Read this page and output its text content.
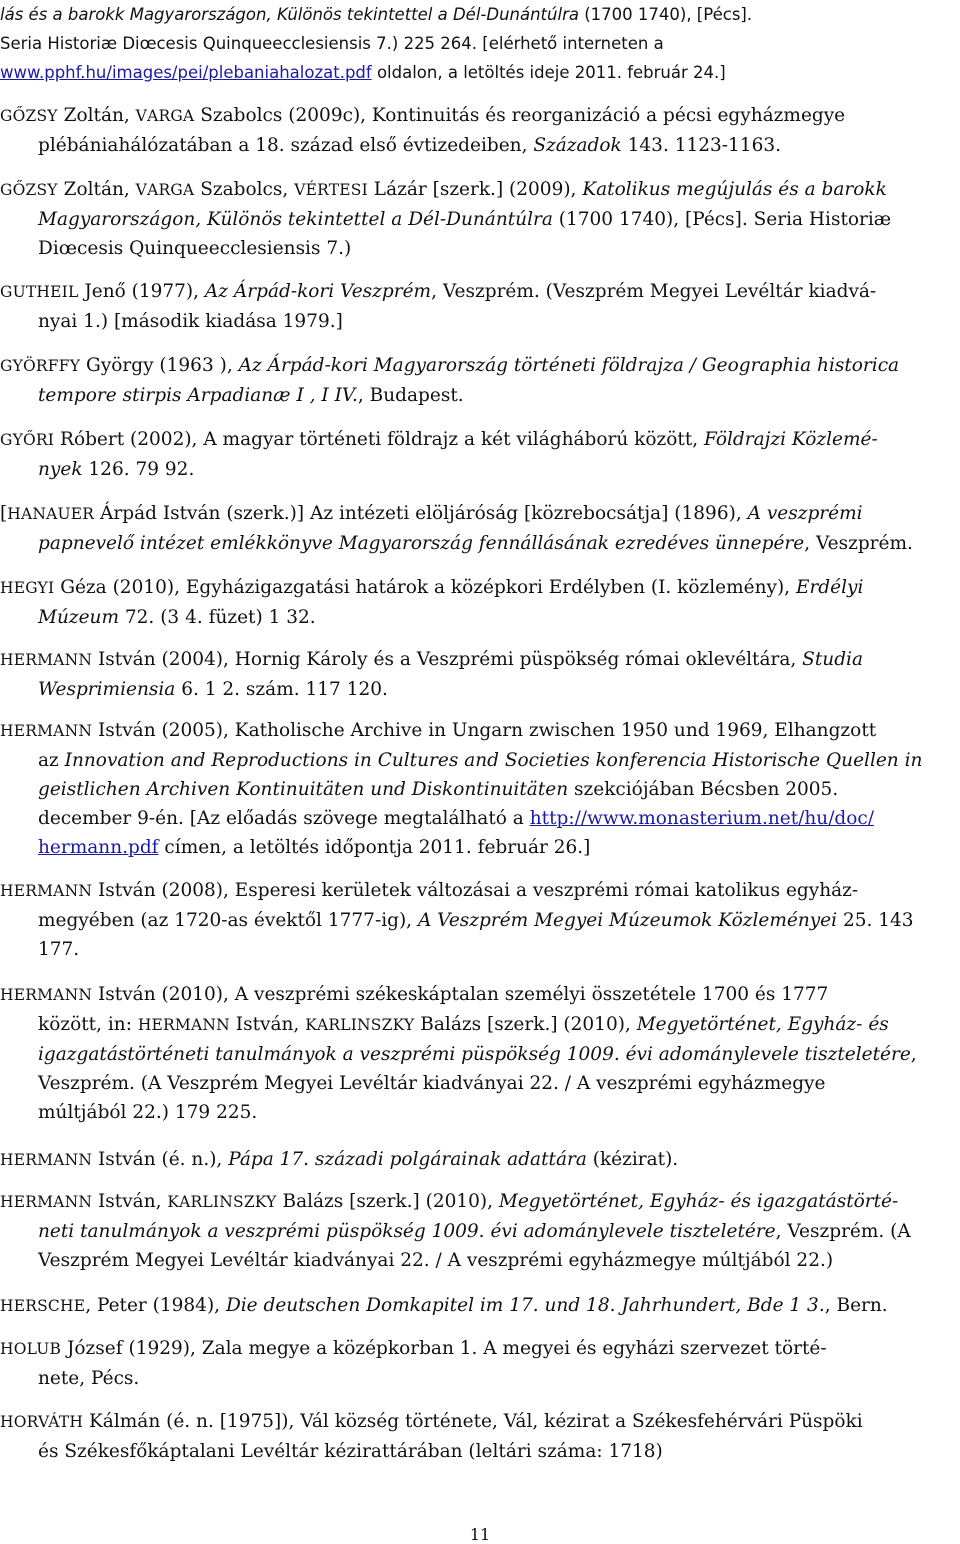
lás és a barokk Magyarországon, Különös tekintettel a Dél-Dunántúlra (1700 1740), [Pécs].
Seria Historiæ Diœcesis Quinqueecclesiensis 7.) 225 264. [elérhető interneten a
www.pphf.hu/images/pei/plebaniahalozat.pdf oldalon, a letöltés ideje 2011. február 24.]
GŐZSY Zoltán, VARGA Szabolcs (2009c), Kontinuitás és reorganizáció a pécsi egyházmegye
plébániahálózatában a 18. század első évtizedeiben, Századok 143. 1123-1163.
GŐZSY Zoltán, VARGA Szabolcs, VÉRTESI Lázár [szerk.] (2009), Katolikus megújulás és a barokk
Magyarországon, Különös tekintettel a Dél-Dunántúlra (1700 1740), [Pécs]. Seria Historiæ
Diœcesis Quinqueecclesiensis 7.)
GUTHEIL Jenő (1977), Az Árpád-kori Veszprém, Veszprém. (Veszprém Megyei Levéltár kiadvá-
nyai 1.) [második kiadása 1979.]
GYÖRFFY György (1963 ), Az Árpád-kori Magyarország történeti földrajza / Geographia historica
tempore stirpis Arpadianæ I , I IV., Budapest.
GYŐRI Róbert (2002), A magyar történeti földrajz a két világháború között, Földrajzi Közlemé-
nyek 126. 79 92.
[HANAUER Árpád István (szerk.)] Az intézeti elöljáróság [közrebocsátja] (1896), A veszprémi
papnevelő intézet emlékkönyve Magyarország fennállásának ezredéves ünnepére, Veszprém.
HEGYI Géza (2010), Egyházigazgatási határok a középkori Erdélyben (I. közlemény), Erdélyi
Múzeum 72. (3 4. füzet) 1 32.
HERMANN István (2004), Hornig Károly és a Veszprémi püspökség római oklevéltára, Studia
Wesprimiensia 6. 1 2. szám. 117 120.
HERMANN István (2005), Katholische Archive in Ungarn zwischen 1950 und 1969, Elhangzott
az Innovation and Reproductions in Cultures and Societies konferencia Historische Quellen in
geistlichen Archiven Kontinuitäten und Diskontinuitäten szekciójában Bécsben 2005.
december 9-én. [Az előadás szövege megtalálható a http://www.monasterium.net/hu/doc/
hermann.pdf címen, a letöltés időpontja 2011. február 26.]
HERMANN István (2008), Esperesi kerületek változásai a veszprémi római katolikus egyház-
megyében (az 1720-as évektől 1777-ig), A Veszprém Megyei Múzeumok Közleményei 25. 143
177.
HERMANN István (2010), A veszprémi székeskáptalan személyi összetétele 1700 és 1777
között, in: HERMANN István, KARLINSZKY Balázs [szerk.] (2010), Megyetörténet, Egyház- és
igazgatástörténeti tanulmányok a veszprémi püspökség 1009. évi adománylevele tiszteletére,
Veszprém. (A Veszprém Megyei Levéltár kiadványai 22. / A veszprémi egyházmegye
múltjából 22.) 179 225.
HERMANN István (é. n.), Pápa 17. századi polgárainak adattára (kézirat).
HERMANN István, KARLINSZKY Balázs [szerk.] (2010), Megyetörténet, Egyház- és igazgatástörté-
neti tanulmányok a veszprémi püspökség 1009. évi adománylevele tiszteletére, Veszprém. (A
Veszprém Megyei Levéltár kiadványai 22. / A veszprémi egyházmegye múltjából 22.)
HERSCHE, Peter (1984), Die deutschen Domkapitel im 17. und 18. Jahrhundert, Bde 1 3., Bern.
HOLUB József (1929), Zala megye a középkorban 1. A megyei és egyházi szervezet törté-
nete, Pécs.
HORVÁTH Kálmán (é. n. [1975]), Vál község története, Vál, kézirat a Székesfehérvári Püspöki
és Székesfőkáptalani Levéltár kézirattárában (leltári száma: 1718)
11
